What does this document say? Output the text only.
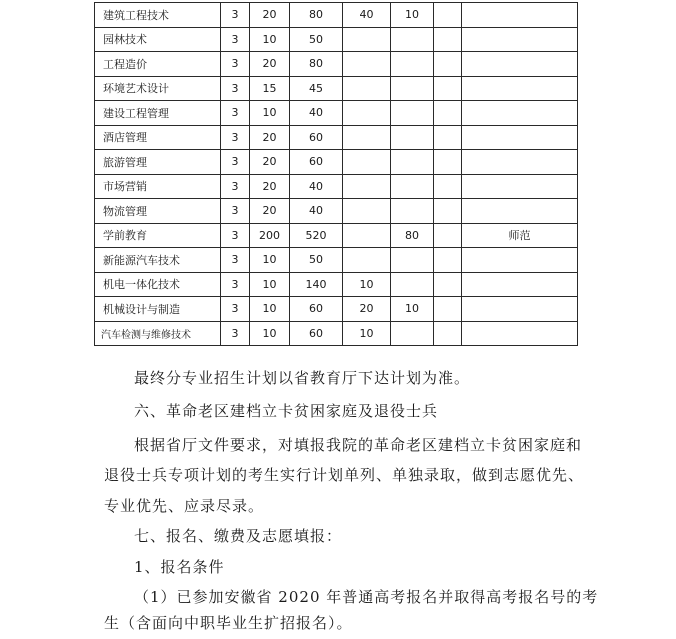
建筑工程技术	3	20	80	40	10		
园林技术	3	10	50				
工程造价	3	20	80				
环境艺术设计	3	15	45				
建设工程管理	3	10	40				
酒店管理	3	20	60				
旅游管理	3	20	60				
市场营销	3	20	40				
物流管理	3	20	40				
学前教育	3	200	520		80		师范
新能源汽车技术	3	10	50				
机电一体化技术	3	10	140	10			
机械设计与制造	3	10	60	20	10		
汽车检测与维修技术	3	10	60	10			
最终分专业招生计划以省教育厅下达计划为准。
六、革命老区建档立卡贫困家庭及退役士兵
根据省厅文件要求，对填报我院的革命老区建档立卡贫困家庭和
退役士兵专项计划的考生实行计划单列、单独录取，做到志愿优先、
专业优先、应录尽录。
七、报名、缴费及志愿填报：
1、报名条件
（1）已参加安徽省 2020 年普通高考报名并取得高考报名号的考
生（含面向中职毕业生扩招报名）。
